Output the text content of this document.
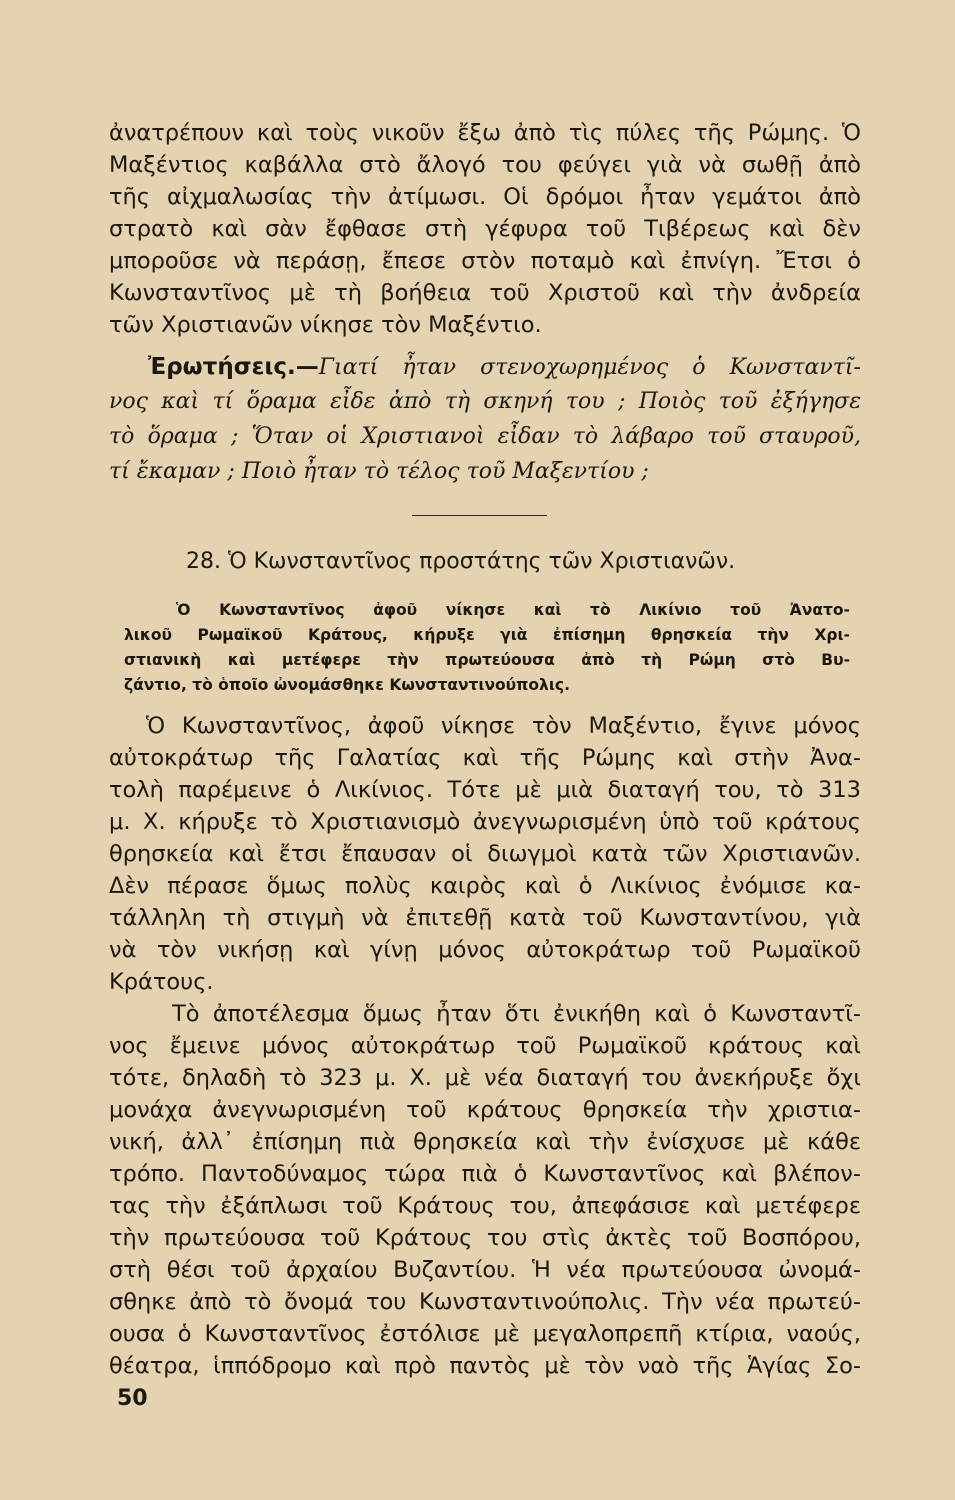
ἀνατρέπουν καὶ τοὺς νικοῦν ἔξω ἀπὸ τὶς πύλες τῆς Ρώμης. Ὁ
Μαξέντιος καβάλλα στὸ ἄλογό του φεύγει γιὰ νὰ σωθῇ ἀπὸ
τῆς αἰχμαλωσίας τὴν ἀτίμωσι. Οἱ δρόμοι ἦταν γεμάτοι ἀπὸ
στρατὸ καὶ σὰν ἔφθασε στὴ γέφυρα τοῦ Τιβέρεως καὶ δὲν
μποροῦσε νὰ περάσῃ, ἔπεσε στὸν ποταμὸ καὶ ἐπνίγη. Ἔτσι ὁ
Κωνσταντῖνος μὲ τὴ βοήθεια τοῦ Χριστοῦ καὶ τὴν ἀνδρεία
τῶν Χριστιανῶν νίκησε τὸν Μαξέντιο.
Ἐρωτήσεις.—Γιατί ἦταν στενοχωρημένος ὁ Κωνσταντῖ-
νος καὶ τί ὅραμα εἶδε ἀπὸ τὴ σκηνή του ; Ποιὸς τοῦ ἐξήγησε
τὸ ὅραμα ; Ὅταν οἱ Χριστιανοὶ εἶδαν τὸ λάβαρο τοῦ σταυροῦ,
τί ἔκαμαν ; Ποιὸ ἦταν τὸ τέλος τοῦ Μαξεντίου ;
28. Ὁ Κωνσταντῖνος προστάτης τῶν Χριστιανῶν.
Ὁ Κωνσταντῖνος ἀφοῦ νίκησε καὶ τὸ Λικίνιο τοῦ Ἀνατο-
λικοῦ Ρωμαϊκοῦ Κράτους, κήρυξε γιὰ ἐπίσημη θρησκεία τὴν Χρι-
στιανικὴ καὶ μετέφερε τὴν πρωτεύουσα ἀπὸ τὴ Ρώμη στὸ Βυ-
ζάντιο, τὸ ὁποῖο ὠνομάσθηκε Κωνσταντινούπολις.
Ὁ Κωνσταντῖνος, ἀφοῦ νίκησε τὸν Μαξέντιο, ἔγινε μόνος
αὐτοκράτωρ τῆς Γαλατίας καὶ τῆς Ρώμης καὶ στὴν Ἀνα-
τολὴ παρέμεινε ὁ Λικίνιος. Τότε μὲ μιὰ διαταγή του, τὸ 313
μ. Χ. κήρυξε τὸ Χριστιανισμὸ ἀνεγνωρισμένη ὑπὸ τοῦ κράτους
θρησκεία καὶ ἔτσι ἔπαυσαν οἱ διωγμοὶ κατὰ τῶν Χριστιανῶν.
Δὲν πέρασε ὅμως πολὺς καιρὸς καὶ ὁ Λικίνιος ἐνόμισε κα-
τάλληλη τὴ στιγμὴ νὰ ἐπιτεθῇ κατὰ τοῦ Κωνσταντίνου, γιὰ
νὰ τὸν νικήσῃ καὶ γίνῃ μόνος αὐτοκράτωρ τοῦ Ρωμαϊκοῦ
Κράτους.
Τὸ ἀποτέλεσμα ὅμως ἦταν ὅτι ἐνικήθη καὶ ὁ Κωνσταντῖ-
νος ἔμεινε μόνος αὐτοκράτωρ τοῦ Ρωμαϊκοῦ κράτους καὶ
τότε, δηλαδὴ τὸ 323 μ. Χ. μὲ νέα διαταγή του ἀνεκήρυξε ὄχι
μονάχα ἀνεγνωρισμένη τοῦ κράτους θρησκεία τὴν χριστια-
νική, ἀλλ᾿ ἐπίσημη πιὰ θρησκεία καὶ τὴν ἐνίσχυσε μὲ κάθε
τρόπο. Παντοδύναμος τώρα πιὰ ὁ Κωνσταντῖνος καὶ βλέπον-
τας τὴν ἐξάπλωσι τοῦ Κράτους του, ἀπεφάσισε καὶ μετέφερε
τὴν πρωτεύουσα τοῦ Κράτους του στὶς ἀκτὲς τοῦ Βοσπόρου,
στὴ θέσι τοῦ ἀρχαίου Βυζαντίου. Ἡ νέα πρωτεύουσα ὠνομά-
σθηκε ἀπὸ τὸ ὄνομά του Κωνσταντινούπολις. Τὴν νέα πρωτεύ-
ουσα ὁ Κωνσταντῖνος ἐστόλισε μὲ μεγαλοπρεπῆ κτίρια, ναούς,
θέατρα, ἱππόδρομο καὶ πρὸ παντὸς μὲ τὸν ναὸ τῆς Ἁγίας Σο-
50
